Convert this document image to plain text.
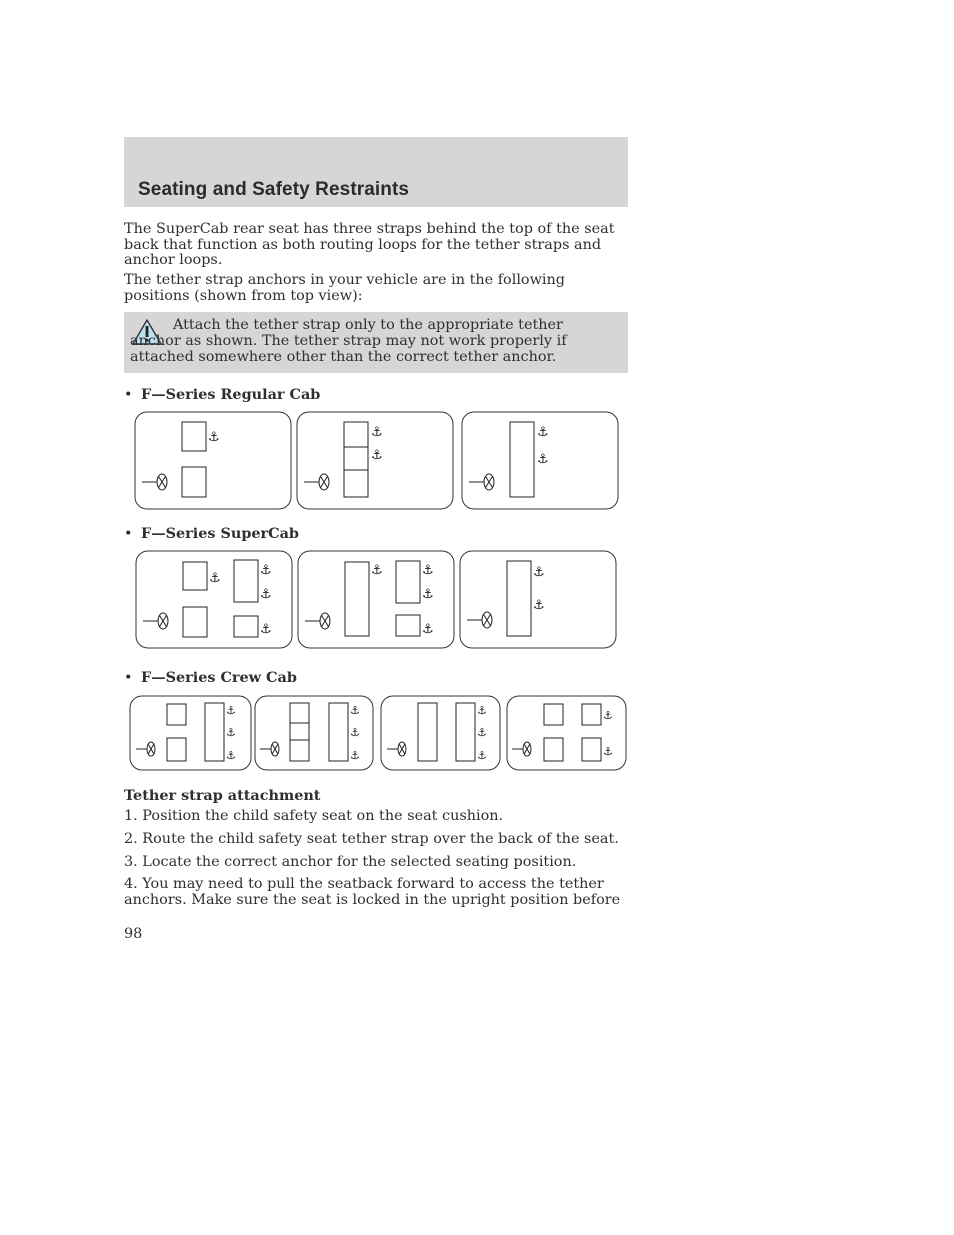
Seating and Safety Restraints

The SuperCab rear seat has three straps behind the top of the seat back that function as both routing loops for the tether straps and anchor loops.

The tether strap anchors in your vehicle are in the following positions (shown from top view):

Attach the tether strap only to the appropriate tether anchor as shown. The tether strap may not work properly if attached somewhere other than the correct tether anchor.

• F—Series Regular Cab

• F—Series SuperCab

• F—Series Crew Cab

⚓	⚓
⚓
⚓
⚓
⚓
⚓
⚓
⚓
⚓	⚓
⚓
⚓
⚓
⚓
⚓
⚓
⚓
⚓
⚓
⚓
⚓
⚓
⚓
⚓
⚓

Tether strap attachment

1. Position the child safety seat on the seat cushion.

2. Route the child safety seat tether strap over the back of the seat.

3. Locate the correct anchor for the selected seating position.

4. You may need to pull the seatback forward to access the tether anchors. Make sure the seat is locked in the upright position before

98
